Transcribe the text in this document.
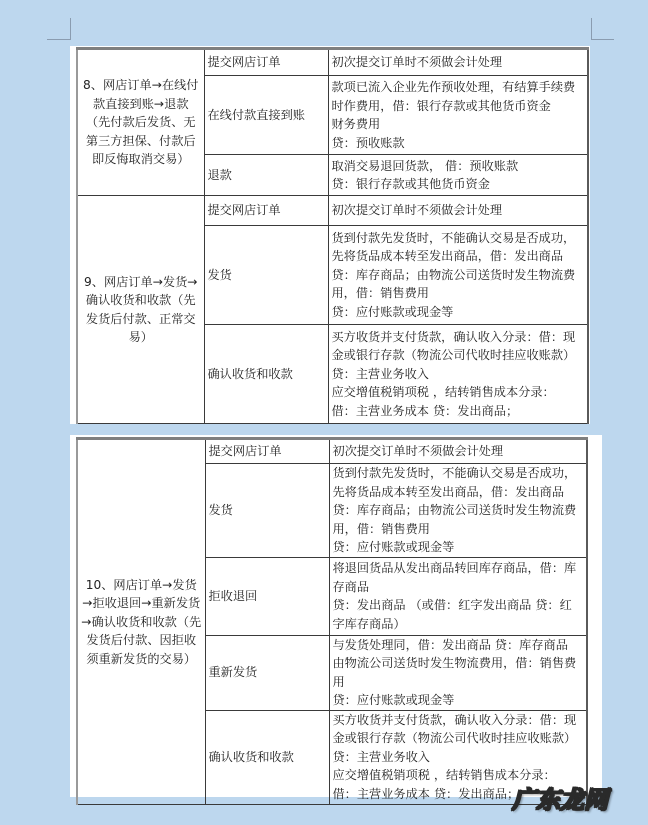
8、网店订单→在线付款直接到账→退款（先付款后发货、无第三方担保、付款后即反悔取消交易）	提交网店订单	初次提交订单时不须做会计处理

	在线付款直接到账	款项已流入企业先作预收处理，有结算手续费时作费用，借：银行存款或其他货币资金
财务费用
贷：预收账款

	退款	取消交易退回货款， 借：预收账款
贷：银行存款或其他货币资金

9、网店订单→发货→确认收货和收款（先发货后付款、正常交易）	提交网店订单	初次提交订单时不须做会计处理

	发货	货到付款先发货时，不能确认交易是否成功，先将货品成本转至发出商品，借：发出商品
贷：库存商品；由物流公司送货时发生物流费用，借：销售费用
贷：应付账款或现金等

	确认收货和收款	买方收货并支付货款，确认收入分录：借：现金或银行存款（物流公司代收时挂应收账款）
贷：主营业务收入
应交增值税销项税 ，结转销售成本分录：
借：主营业务成本 贷：发出商品；
10、网店订单→发货→拒收退回→重新发货→确认收货和收款（先发货后付款、因拒收须重新发货的交易）	提交网店订单	初次提交订单时不须做会计处理

	发货	货到付款先发货时，不能确认交易是否成功，先将货品成本转至发出商品，借：发出商品
贷：库存商品；由物流公司送货时发生物流费用，借：销售费用
贷：应付账款或现金等

	拒收退回	将退回货品从发出商品转回库存商品，借：库存商品
贷：发出商品 （或借：红字发出商品 贷：红字库存商品）

	重新发货	与发货处理同，借：发出商品 贷：库存商品
由物流公司送货时发生物流费用，借：销售费用
贷：应付账款或现金等

	确认收货和收款	买方收货并支付货款，确认收入分录：借：现金或银行存款（物流公司代收时挂应收账款）
贷：主营业务收入
应交增值税销项税 ，结转销售成本分录：
借：主营业务成本 贷：发出商品；
广东龙网
